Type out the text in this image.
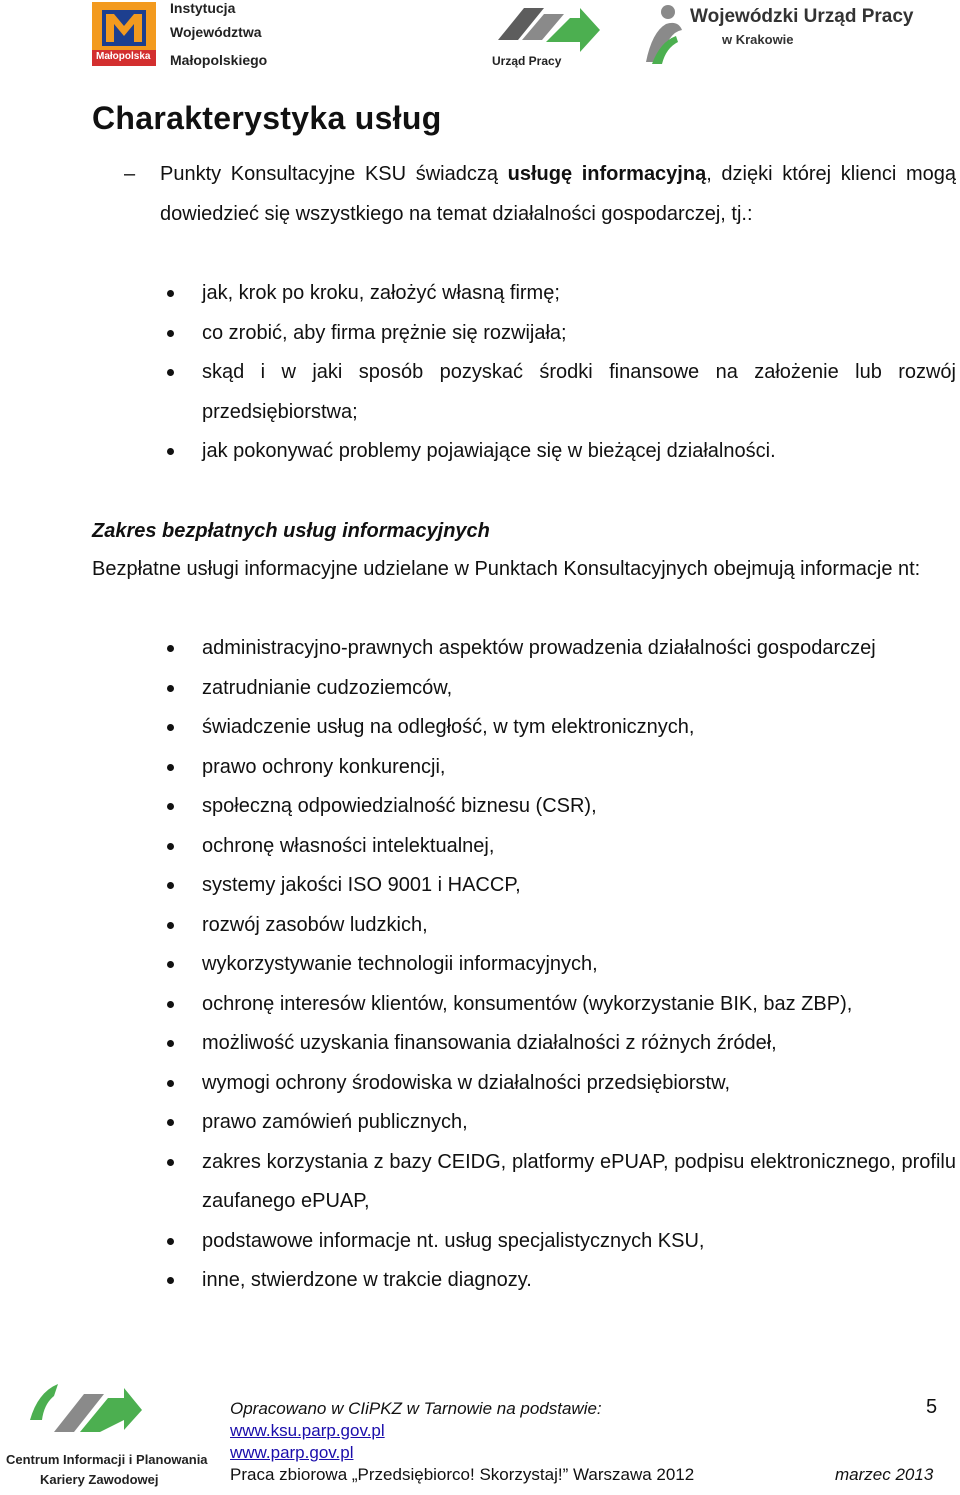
Małopolska
Instytucja
Województwa
Małopolskiego	Urząd Pracy
Wojewódzki Urząd Pracy
w Krakowie
Charakterystyka usług
– Punkty Konsultacyjne KSU świadczą usługę informacyjną, dzięki której klienci mogą dowiedzieć się wszystkiego na temat działalności gospodarczej, tj.:
jak, krok po kroku, założyć własną firmę;
co zrobić, aby firma prężnie się rozwijała;
skąd i w jaki sposób pozyskać środki finansowe na założenie lub rozwój przedsiębiorstwa;
jak pokonywać problemy pojawiające się w bieżącej działalności.
Zakres bezpłatnych usług informacyjnych
Bezpłatne usługi informacyjne udzielane w Punktach Konsultacyjnych obejmują informacje nt:
administracyjno-prawnych aspektów prowadzenia działalności gospodarczej
zatrudnianie cudzoziemców,
świadczenie usług na odległość, w tym elektronicznych,
prawo ochrony konkurencji,
społeczną odpowiedzialność biznesu (CSR),
ochronę własności intelektualnej,
systemy jakości ISO 9001 i HACCP,
rozwój zasobów ludzkich,
wykorzystywanie technologii informacyjnych,
ochronę interesów klientów, konsumentów (wykorzystanie BIK, baz ZBP),
możliwość uzyskania finansowania działalności z różnych źródeł,
wymogi ochrony środowiska w działalności przedsiębiorstw,
prawo zamówień publicznych,
zakres korzystania z bazy CEIDG, platformy ePUAP, podpisu elektronicznego, profilu zaufanego ePUAP,
podstawowe informacje nt. usług specjalistycznych KSU,
inne, stwierdzone w trakcie diagnozy.
Centrum Informacji i Planowania
Kariery Zawodowej
Opracowano w CIiPKZ w Tarnowie na podstawie:
www.ksu.parp.gov.pl
www.parp.gov.pl
Praca zbiorowa „Przedsiębiorco! Skorzystaj!” Warszawa 2012	marzec 2013
5
